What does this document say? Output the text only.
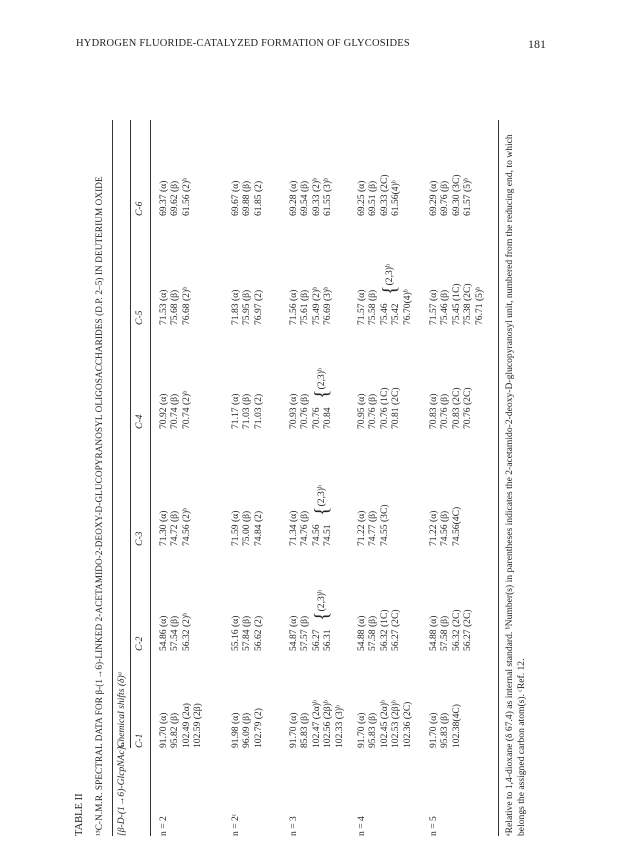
HYDROGEN FLUORIDE-CATALYZED FORMATION OF GLYCOSIDES	181
TABLE II ¹³C-N.M.R. SPECTRAL DATA FOR β-(1→6)-LINKED 2-ACETAMIDO-2-DEOXY-D-GLUCOPYRANOSYL OLIGOSACCHARIDES (D.P. 2–5) IN DEUTERIUM OXIDE [β-D-(1→6)-GlcpNAc]ₙ
Chemical shifts (δ)ᵃ C-1
C-2
C-3
C-4
C-5
C-6
n = 2
91.70 (α) 95.82 (β) 102.49 (2α) 102.59 (2β)
54.86 (α) 57.54 (β) 56.32 (2)ᵇ
71.30 (α) 74.72 (β) 74.56 (2)ᵇ
70.92 (α) 70.74 (β) 70.74 (2)ᵇ
71.53 (α) 75.68 (β) 76.68 (2)ᵇ
69.37 (α) 69.62 (β) 61.56 (2)ᵇ
n = 2ᶜ
91.98 (α) 96.09 (β) 102.79 (2)
55.16 (α) 57.84 (β) 56.62 (2)
71.59 (α) 75.00 (β) 74.84 (2)
71.17 (α) 71.03 (β) 71.03 (2)
71.83 (α) 75.95 (β) 76.97 (2)
69.67 (α) 69.88 (β) 61.85 (2)
n = 3
91.70 (α) 85.83 (β) 102.47 (2α)ᵇ 102.56 (2β)ᵇ 102.33 (3)ᵇ
54.87 (α) 57.57 (β) 56.27 56.31
{(2,3)ᵇ
71.34 (α) 74.76 (β) 74.56 74.51
{(2,3)ᵇ
70.93 (α) 70.76 (β) 70.76 70.84
{(2,3)ᵇ
71.56 (α) 75.61 (β) 75.49 (2)ᵇ 76.69 (3)ᵇ
69.28 (α) 69.54 (β) 69.33 (2)ᵇ 61.55 (3)ᵇ
n = 4
91.70 (α) 95.83 (β) 102.45 (2α)ᵇ 102.53 (2β)ᵇ 102.36 (2C)
54.88 (α) 57.58 (β) 56.32 (1C) 56.27 (2C)
71.22 (α) 74.77 (β) 74.55 (3C)
70.95 (α) 70.76 (β) 70.76 (1C) 70.81 (2C)
71.57 (α) 75.58 (β) 75.46 75.42 76.70(4)ᵇ
{(2,3)ᵇ
69.25 (α) 69.51 (β) 69.33 (2C) 61.56(4)ᵇ
n = 5
91.70 (α) 95.83 (β) 102.38(4C)
54.88 (α) 57.58 (β) 56.32 (2C) 56.27 (2C)
71.22 (α) 74.56 (β) 74.56(4C)
70.83 (α) 70.76 (β) 70.83 (2C) 70.76 (2C)
71.57 (α) 75.46 (β) 75.45 (1C) 75.38 (2C) 76.71 (5)ᵇ
69.29 (α) 69.76 (β) 69.30 (3C) 61.57 (5)ᵇ	ᵃRelative to 1,4-dioxane (δ 67.4) as internal standard. ᵇNumber(s) in parentheses indicates the 2-acetamido-2-deoxy-D-glucopyranosyl unit, numbered from the reducing end, to which belongs the assigned carbon atom(s). ᶜRef. 12.
